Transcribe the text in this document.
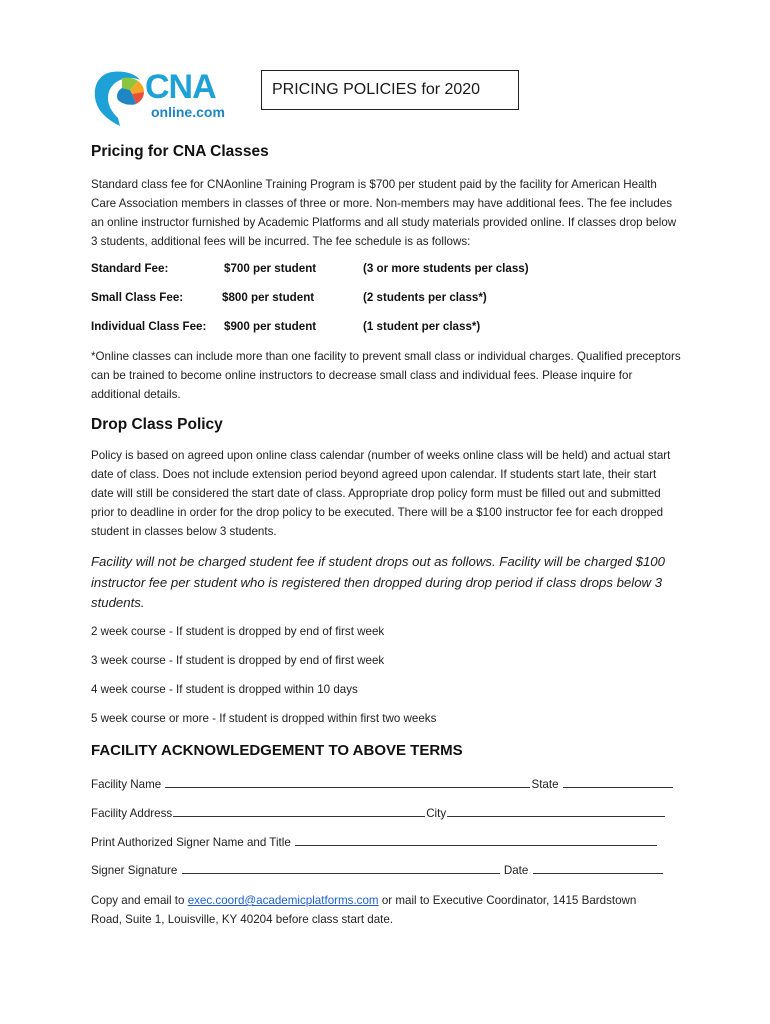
CNA
online.com
PRICING POLICIES for 2020
Pricing for CNA Classes

Standard class fee for CNAonline Training Program is $700 per student paid by the facility for American Health Care Association members in classes of three or more. Non-members may have additional fees. The fee includes an online instructor furnished by Academic Platforms and all study materials provided online. If classes drop below 3 students, additional fees will be incurred. The fee schedule is as follows:

Standard Fee:	$700 per student	(3 or more students per class)
Small Class Fee:	$800 per student	(2 students per class*)
Individual Class Fee: $900 per student	(1 student per class*)

*Online classes can include more than one facility to prevent small class or individual charges. Qualified preceptors can be trained to become online instructors to decrease small class and individual fees. Please inquire for additional details.

Drop Class Policy

Policy is based on agreed upon online class calendar (number of weeks online class will be held) and actual start date of class. Does not include extension period beyond agreed upon calendar. If students start late, their start date will still be considered the start date of class. Appropriate drop policy form must be filled out and submitted prior to deadline in order for the drop policy to be executed. There will be a $100 instructor fee for each dropped student in classes below 3 students.

Facility will not be charged student fee if student drops out as follows. Facility will be charged $100 instructor fee per student who is registered then dropped during drop period if class drops below 3 students.

2 week course - If student is dropped by end of first week
3 week course - If student is dropped by end of first week
4 week course - If student is dropped within 10 days
5 week course or more - If student is dropped within first two weeks
FACILITY ACKNOWLEDGEMENT TO ABOVE TERMS
Facility Name	State
Facility Address	City
Print Authorized Signer Name and Title
Signer Signature	Date

Copy and email to exec.coord@academicplatforms.com or mail to Executive Coordinator, 1415 Bardstown Road, Suite 1, Louisville, KY 40204 before class start date.
